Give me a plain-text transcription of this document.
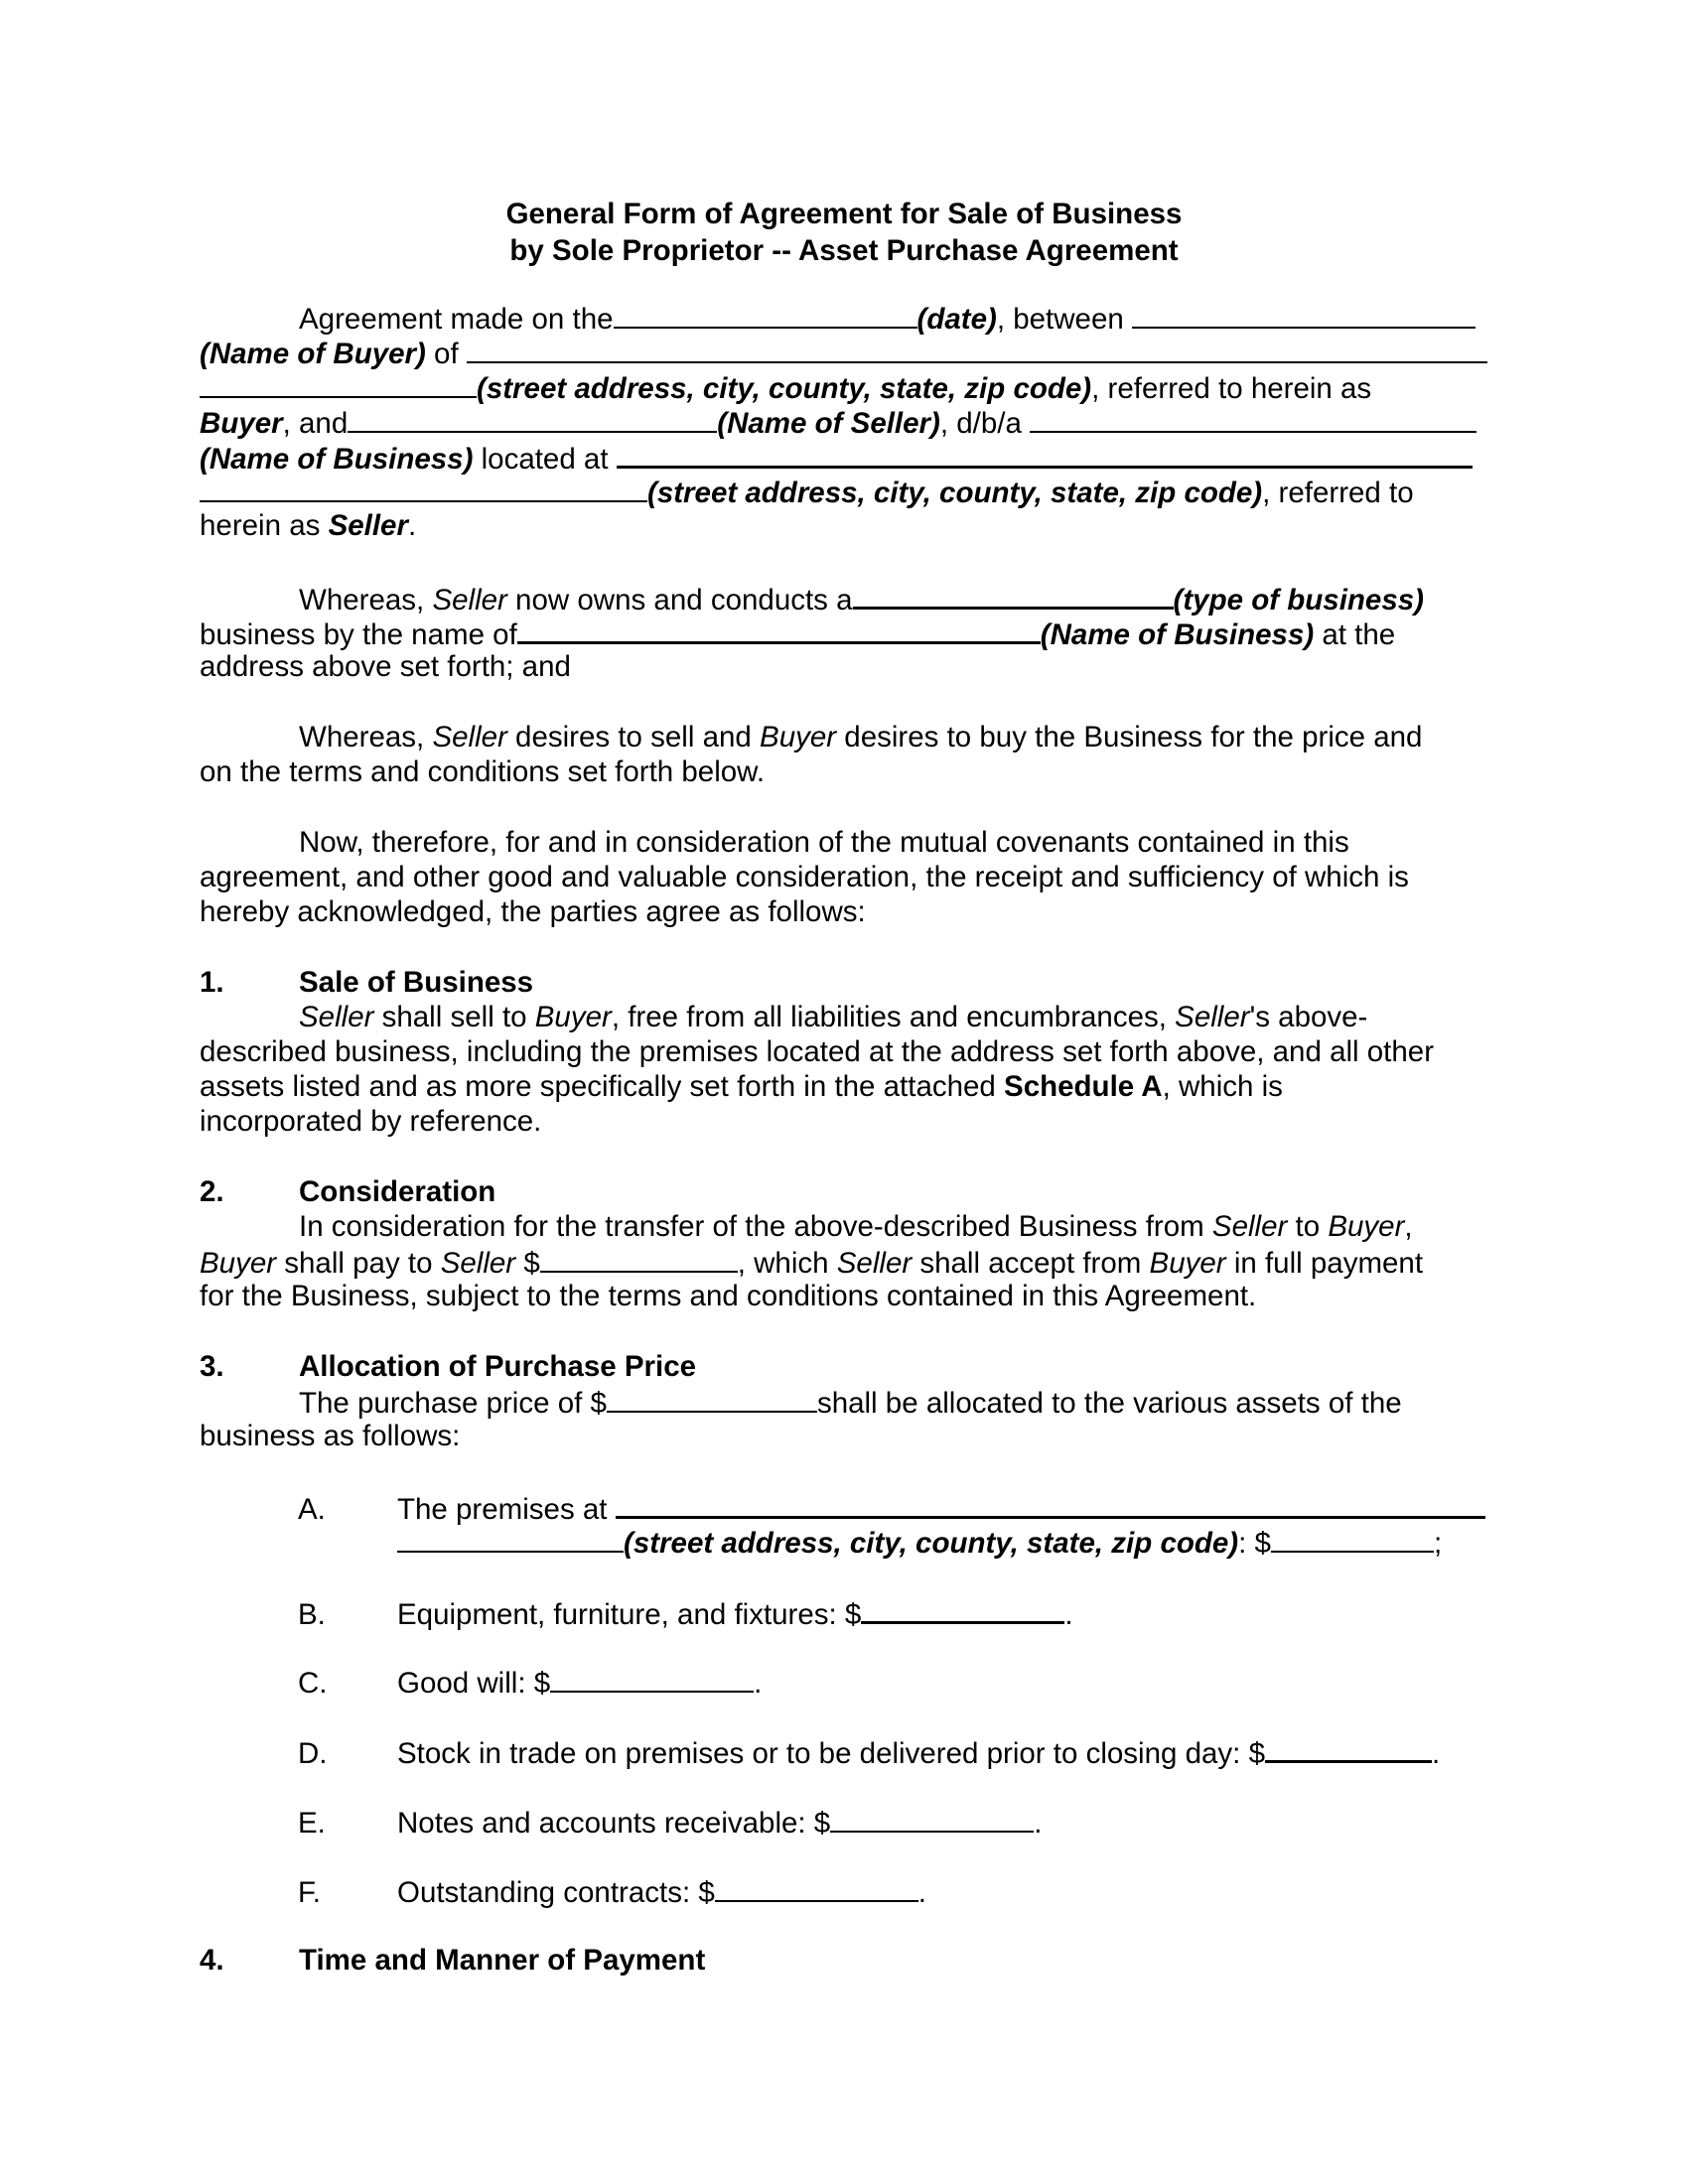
General Form of Agreement for Sale of Business
by Sole Proprietor -- Asset Purchase Agreement
Agreement made on the	(date), between
(Name of Buyer) of
(street address, city, county, state, zip code), referred to herein as
Buyer, and	(Name of Seller), d/b/a
(Name of Business) located at
(street address, city, county, state, zip code), referred to
herein as Seller.
Whereas, Seller now owns and conducts a	(type of business)
business by the name of	(Name of Business) at the
address above set forth; and
Whereas, Seller desires to sell and Buyer desires to buy the Business for the price and
on the terms and conditions set forth below.
Now, therefore, for and in consideration of the mutual covenants contained in this
agreement, and other good and valuable consideration, the receipt and sufficiency of which is
hereby acknowledged, the parties agree as follows:
1.	Sale of Business
Seller shall sell to Buyer, free from all liabilities and encumbrances, Seller's above-
described business, including the premises located at the address set forth above, and all other
assets listed and as more specifically set forth in the attached Schedule A, which is
incorporated by reference.
2.	Consideration
In consideration for the transfer of the above-described Business from Seller to Buyer,
Buyer shall pay to Seller $	, which Seller shall accept from Buyer in full payment
for the Business, subject to the terms and conditions contained in this Agreement.
3.	Allocation of Purchase Price
The purchase price of $	shall be allocated to the various assets of the
business as follows:
A. The premises at
(street address, city, county, state, zip code): $	;
B. Equipment, furniture, and fixtures: $	.
C. Good will: $	.
D. Stock in trade on premises or to be delivered prior to closing day: $	.
E. Notes and accounts receivable: $	.
F.	Outstanding contracts: $	.
4.	Time and Manner of Payment
